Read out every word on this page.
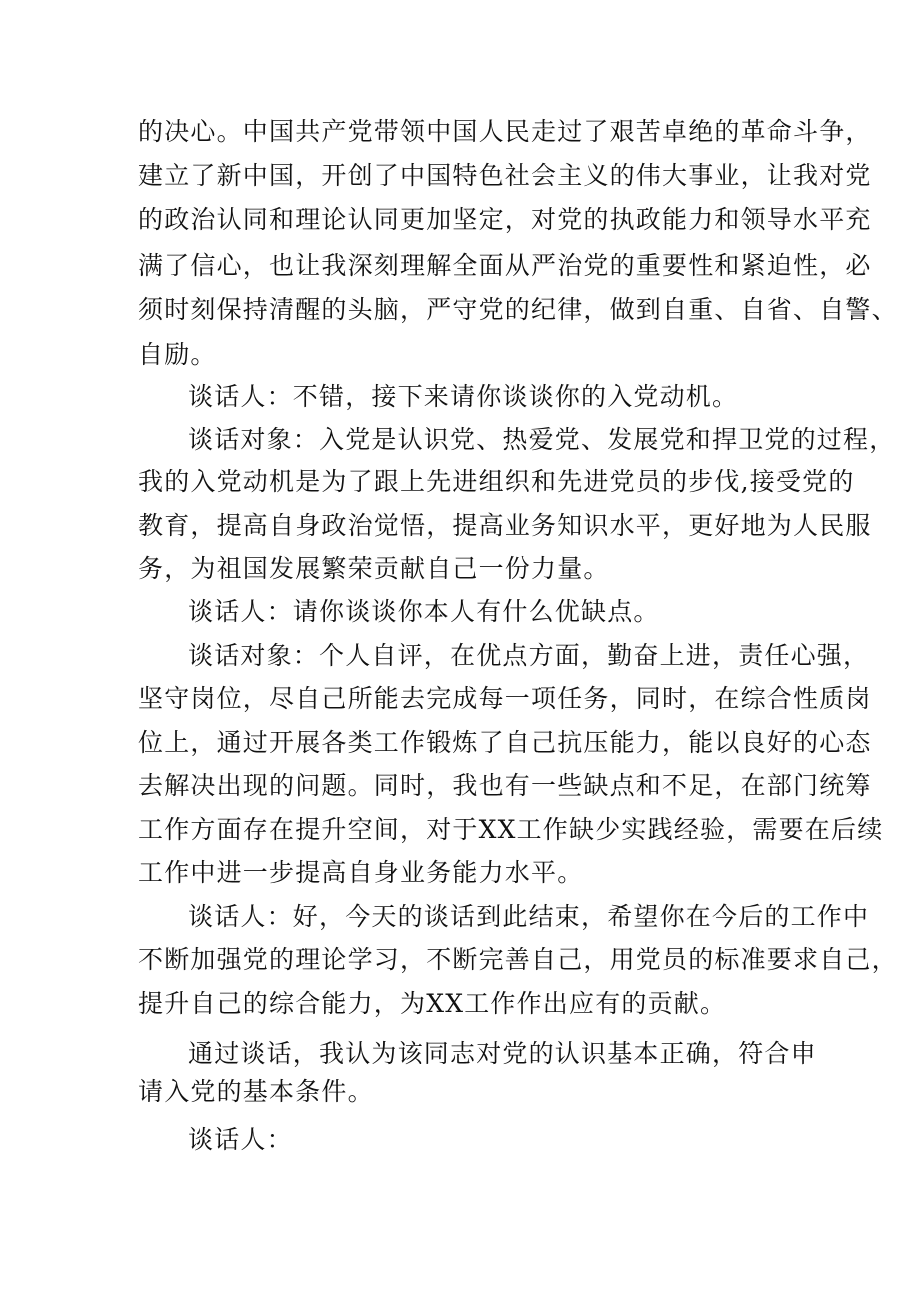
的决心。中国共产党带领中国人民走过了艰苦卓绝的革命斗争，
建立了新中国，开创了中国特色社会主义的伟大事业，让我对党
的政治认同和理论认同更加坚定，对党的执政能力和领导水平充
满了信心，也让我深刻理解全面从严治党的重要性和紧迫性，必
须时刻保持清醒的头脑，严守党的纪律，做到自重、自省、自警、
自励。
谈话人：不错，接下来请你谈谈你的入党动机。
谈话对象：入党是认识党、热爱党、发展党和捍卫党的过程，
我的入党动机是为了跟上先进组织和先进党员的步伐,接受党的
教育，提高自身政治觉悟，提高业务知识水平，更好地为人民服
务，为祖国发展繁荣贡献自己一份力量。
谈话人：请你谈谈你本人有什么优缺点。
谈话对象：个人自评，在优点方面，勤奋上进，责任心强，
坚守岗位，尽自己所能去完成每一项任务，同时，在综合性质岗
位上，通过开展各类工作锻炼了自己抗压能力，能以良好的心态
去解决出现的问题。同时，我也有一些缺点和不足，在部门统筹
工作方面存在提升空间，对于XX工作缺少实践经验，需要在后续
工作中进一步提高自身业务能力水平。
谈话人：好，今天的谈话到此结束，希望你在今后的工作中
不断加强党的理论学习，不断完善自己，用党员的标准要求自己，
提升自己的综合能力，为XX工作作出应有的贡献。
通过谈话，我认为该同志对党的认识基本正确，符合申
请入党的基本条件。
谈话人：
